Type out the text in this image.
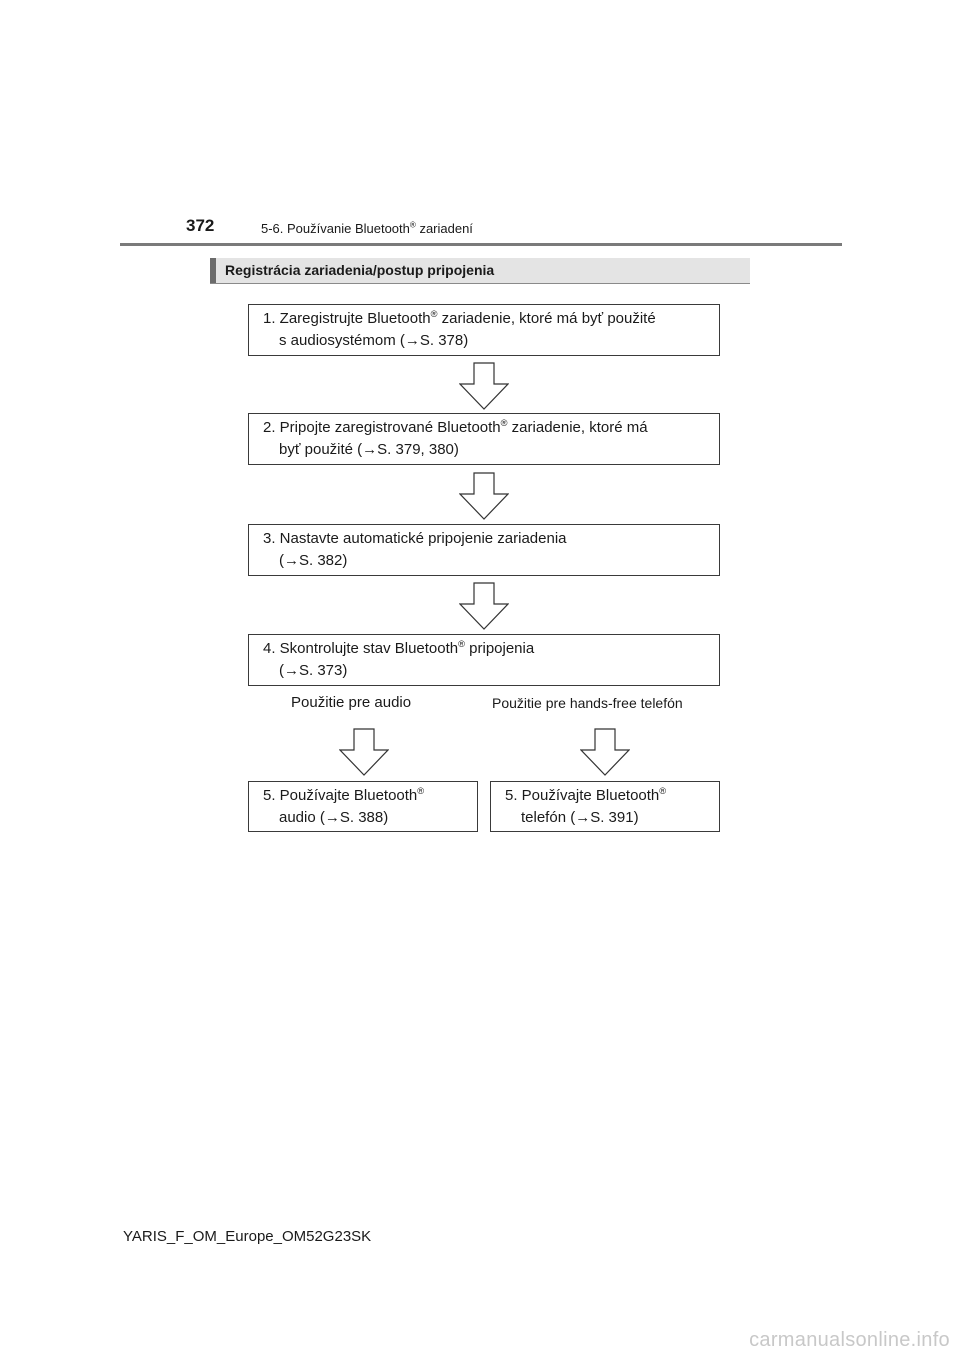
372	5-6. Používanie Bluetooth® zariadení
Registrácia zariadenia/postup pripojenia
1. Zaregistrujte Bluetooth® zariadenie, ktoré má byť použité
s audiosystémom (→S. 378)
2. Pripojte zaregistrované Bluetooth® zariadenie, ktoré má
byť použité (→S. 379, 380)
3. Nastavte automatické pripojenie zariadenia
(→S. 382)
4. Skontrolujte stav Bluetooth® pripojenia
(→S. 373)
Použitie pre audio	Použitie pre hands-free telefón
5. Používajte Bluetooth®
audio (→S. 388)
5. Používajte Bluetooth®
telefón (→S. 391)
YARIS_F_OM_Europe_OM52G23SK
carmanualsonline.info
